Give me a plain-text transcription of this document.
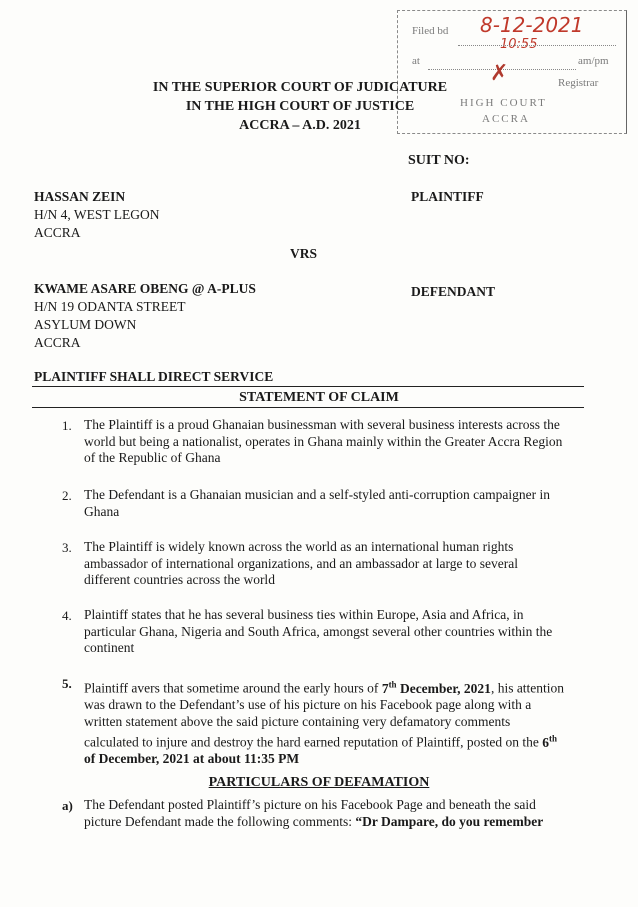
Filed bd 8-12-2021
10:55
at	am/pm
Registrar
✗
HIGH COURT
ACCRA
IN THE SUPERIOR COURT OF JUDICATURE
IN THE HIGH COURT OF JUSTICE
ACCRA – A.D. 2021
SUIT NO:
HASSAN ZEIN
H/N 4, WEST LEGON
ACCRA
PLAINTIFF
VRS
KWAME ASARE OBENG @ A-PLUS
H/N 19 ODANTA STREET
ASYLUM DOWN
ACCRA
DEFENDANT
PLAINTIFF SHALL DIRECT SERVICE
STATEMENT OF CLAIM
1. The Plaintiff is a proud Ghanaian businessman with several business interests across the
world but being a nationalist, operates in Ghana mainly within the Greater Accra Region
of the Republic of Ghana
2. The Defendant is a Ghanaian musician and a self-styled anti-corruption campaigner in
Ghana
3. The Plaintiff is widely known across the world as an international human rights
ambassador of international organizations, and an ambassador at large to several
different countries across the world
4. Plaintiff states that he has several business ties within Europe, Asia and Africa, in
particular Ghana, Nigeria and South Africa, amongst several other countries within the
continent
5. Plaintiff avers that sometime around the early hours of 7th December, 2021, his attention
was drawn to the Defendant’s use of his picture on his Facebook page along with a
written statement above the said picture containing very defamatory comments
calculated to injure and destroy the hard earned reputation of Plaintiff, posted on the 6th
of December, 2021 at about 11:35 PM
PARTICULARS OF DEFAMATION
a) The Defendant posted Plaintiff’s picture on his Facebook Page and beneath the said
picture Defendant made the following comments: “Dr Dampare, do you remember
